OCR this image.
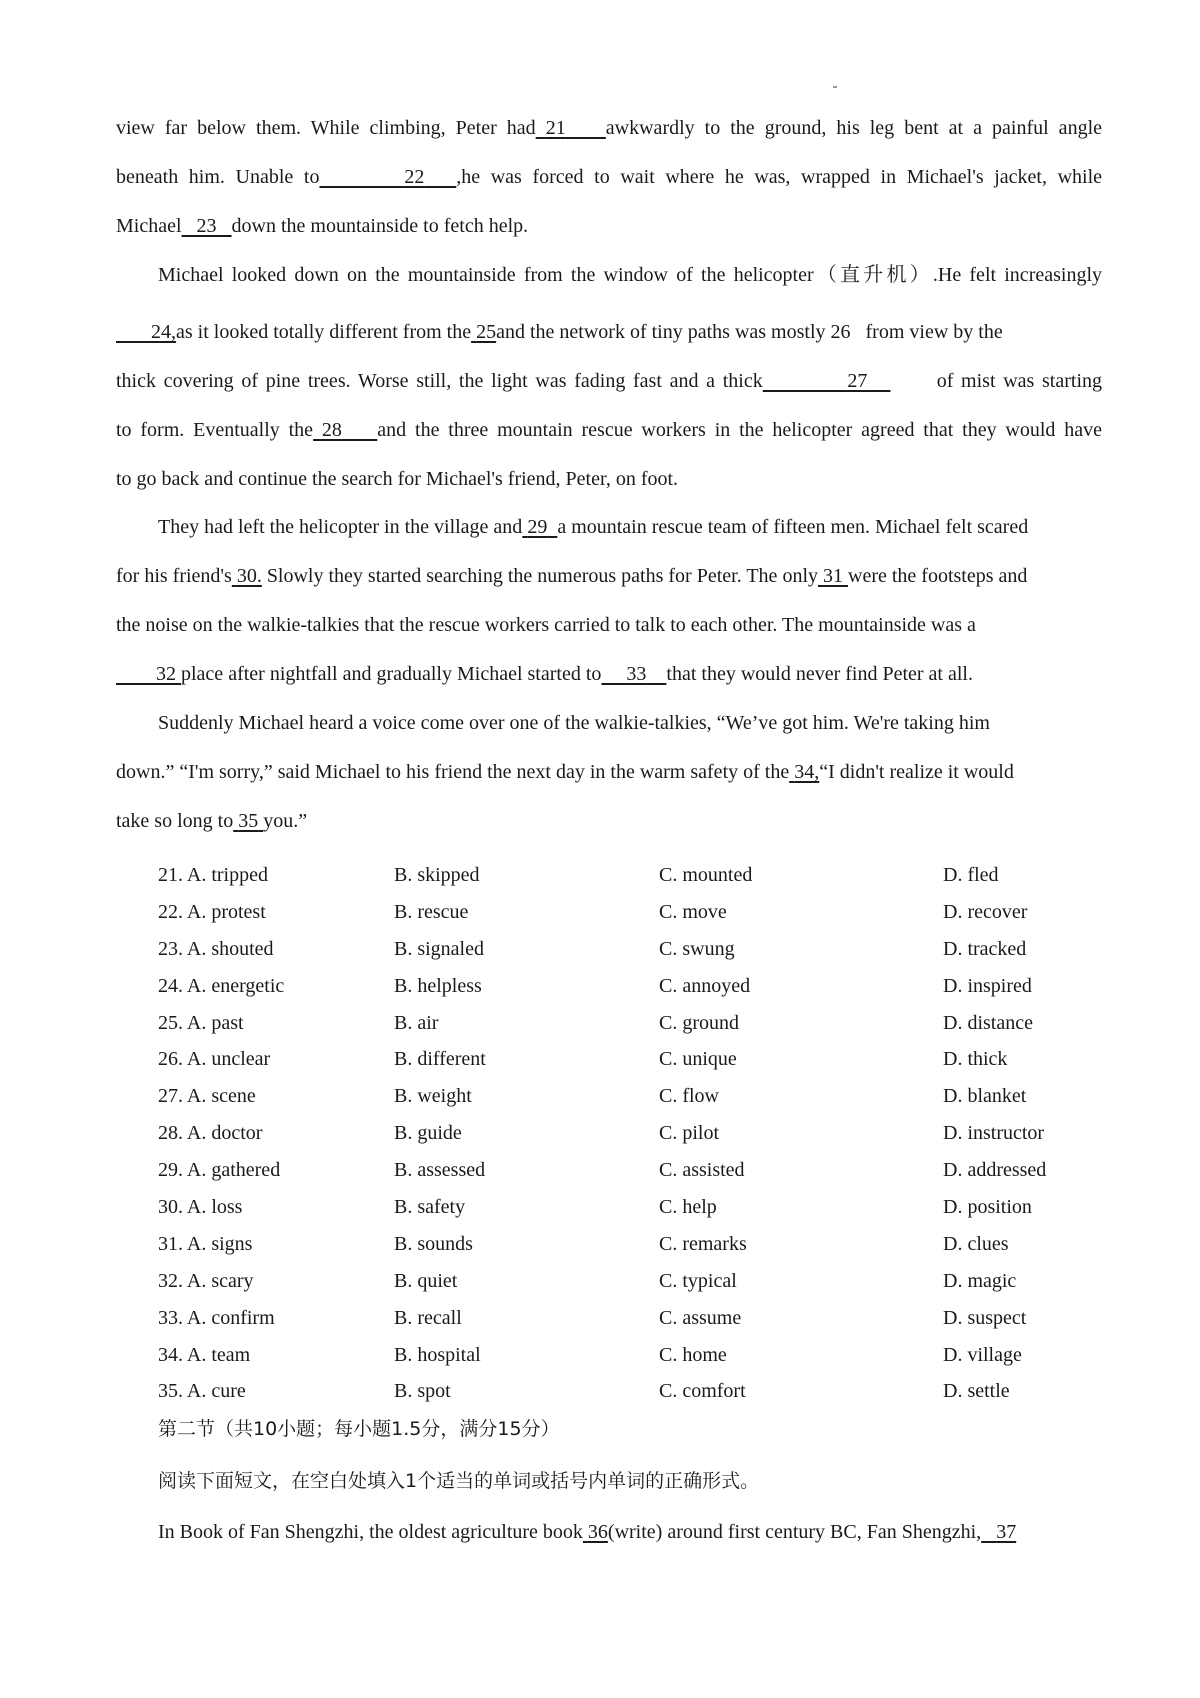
view far below them. While climbing, Peter had 21 awkwardly to the ground, his leg bent at a painful angle
beneath him. Unable to	22 ,he was forced to wait where he was, wrapped in Michael's jacket, while
Michael 23 down the mountainside to fetch help.
Michael looked down on the mountainside from the window of the helicopter（直升机）.He felt increasingly
24,as it looked totally different from the 25and the network of tiny paths was mostly 26   from view by the
thick covering of pine trees. Worse still, the light was fading fast and a thick	27	of mist was starting
to form. Eventually the 28 and the three mountain rescue workers in the helicopter agreed that they would have
to go back and continue the search for Michael's friend, Peter, on foot.
They had left the helicopter in the village and 29 a mountain rescue team of fifteen men. Michael felt scared
for his friend's 30. Slowly they started searching the numerous paths for Peter. The only 31 were the footsteps and
the noise on the walkie-talkies that the rescue workers carried to talk to each other. The mountainside was a
32 place after nightfall and gradually Michael started to 33 that they would never find Peter at all.
Suddenly Michael heard a voice come over one of the walkie-talkies, “We’ve got him. We're taking him
down.” “I'm sorry,” said Michael to his friend the next day in the warm safety of the 34,“I didn't realize it would
take so long to 35 you.”
21. A. tripped	B. skipped	C. mounted	D. fled
22. A. protest	B. rescue	C. move	D. recover
23. A. shouted	B. signaled	C. swung	D. tracked
24. A. energetic	B. helpless	C. annoyed	D. inspired
25. A. past	B. air	C. ground	D. distance
26. A. unclear	B. different	C. unique	D. thick
27. A. scene	B. weight	C. flow	D. blanket
28. A. doctor	B. guide	C. pilot	D. instructor
29. A. gathered	B. assessed	C. assisted	D. addressed
30. A. loss	B. safety	C. help	D. position
31. A. signs	B. sounds	C. remarks	D. clues
32. A. scary	B. quiet	C. typical	D. magic
33. A. confirm	B. recall	C. assume	D. suspect
34. A. team	B. hospital	C. home	D. village
35. A. cure	B. spot	C. comfort	D. settle
第二节（共10小题；每小题1.5分，满分15分）
阅读下面短文，在空白处填入1个适当的单词或括号内单词的正确形式。
In Book of Fan Shengzhi, the oldest agriculture book 36(write) around first century BC, Fan Shengzhi, 37
